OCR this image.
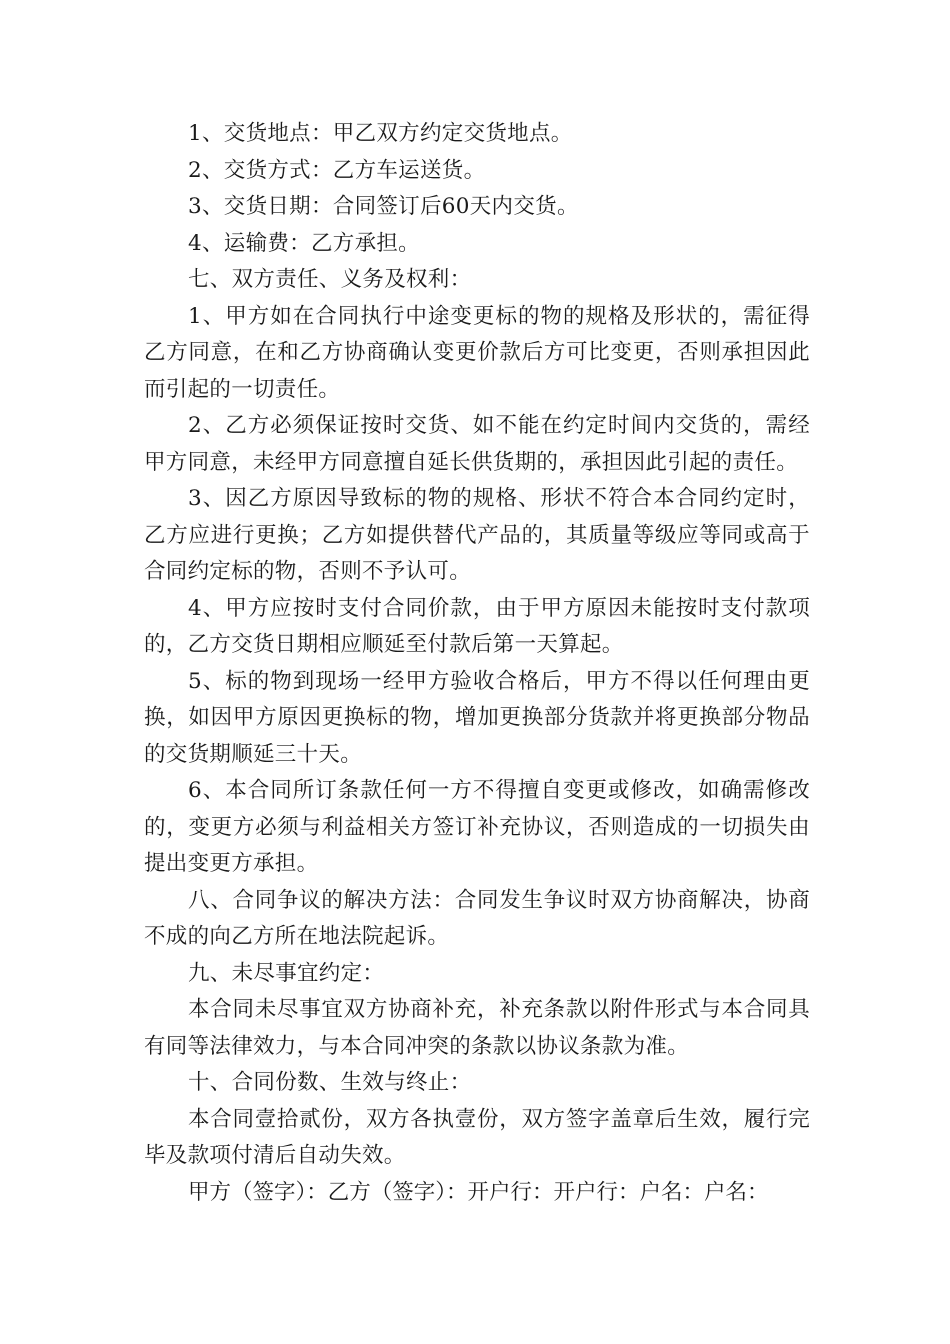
1、交货地点：甲乙双方约定交货地点。

2、交货方式：乙方车运送货。

3、交货日期：合同签订后60天内交货。

4、运输费：乙方承担。

七、双方责任、义务及权利：

1、甲方如在合同执行中途变更标的物的规格及形状的，需征得乙方同意，在和乙方协商确认变更价款后方可比变更，否则承担因此而引起的一切责任。

2、乙方必须保证按时交货、如不能在约定时间内交货的，需经甲方同意，未经甲方同意擅自延长供货期的，承担因此引起的责任。

3、因乙方原因导致标的物的规格、形状不符合本合同约定时，乙方应进行更换；乙方如提供替代产品的，其质量等级应等同或高于合同约定标的物，否则不予认可。

4、甲方应按时支付合同价款，由于甲方原因未能按时支付款项的，乙方交货日期相应顺延至付款后第一天算起。

5、标的物到现场一经甲方验收合格后，甲方不得以任何理由更换，如因甲方原因更换标的物，增加更换部分货款并将更换部分物品的交货期顺延三十天。

6、本合同所订条款任何一方不得擅自变更或修改，如确需修改的，变更方必须与利益相关方签订补充协议，否则造成的一切损失由提出变更方承担。

八、合同争议的解决方法：合同发生争议时双方协商解决，协商不成的向乙方所在地法院起诉。

九、未尽事宜约定：

本合同未尽事宜双方协商补充，补充条款以附件形式与本合同具有同等法律效力，与本合同冲突的条款以协议条款为准。

十、合同份数、生效与终止：

本合同壹拾贰份，双方各执壹份，双方签字盖章后生效，履行完毕及款项付清后自动失效。

甲方（签字）：乙方（签字）：开户行：开户行：户名：户名：
